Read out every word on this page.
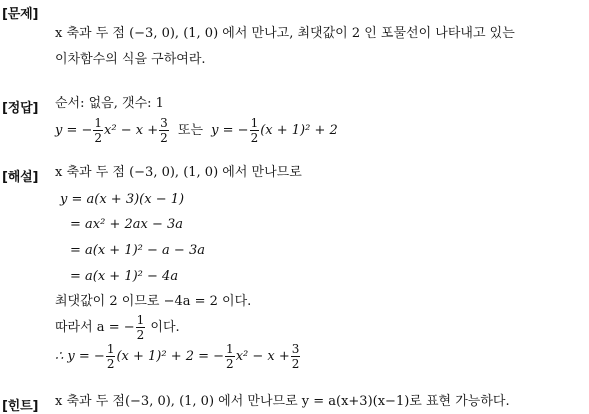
[문제]
x 축과 두 점 (−3, 0), (1, 0) 에서 만나고, 최댓값이 2 인 포물선이 나타내고 있는
이차함수의 식을 구하여라.
[정답] 순서: 없음, 갯수: 1
y = − $\frac{1}{2} x^2 - x + \frac{3}{2}$ 또는 y = − $\frac{1}{2} (x + 1)^2 + 2$
[해설] x 축과 두 점 (−3, 0), (1, 0) 에서 만나므로
y = a(x + 3)(x − 1)
= ax² + 2ax − 3a
= a(x + 1)² − a − 3a
= a(x + 1)² − 4a
최댓값이 2 이므로 −4a = 2 이다.
따라서 a = − $\frac{1}{2}$ 이다.
∴ y = − $\frac{1}{2} (x + 1)^2 + 2$ = − $\frac{1}{2} x^2 - x + \frac{3}{2}$
[힌트] x 축과 두 점(−3, 0), (1, 0) 에서 만나므로 y = a(x+3)(x−1)로 표현 가능하다.
